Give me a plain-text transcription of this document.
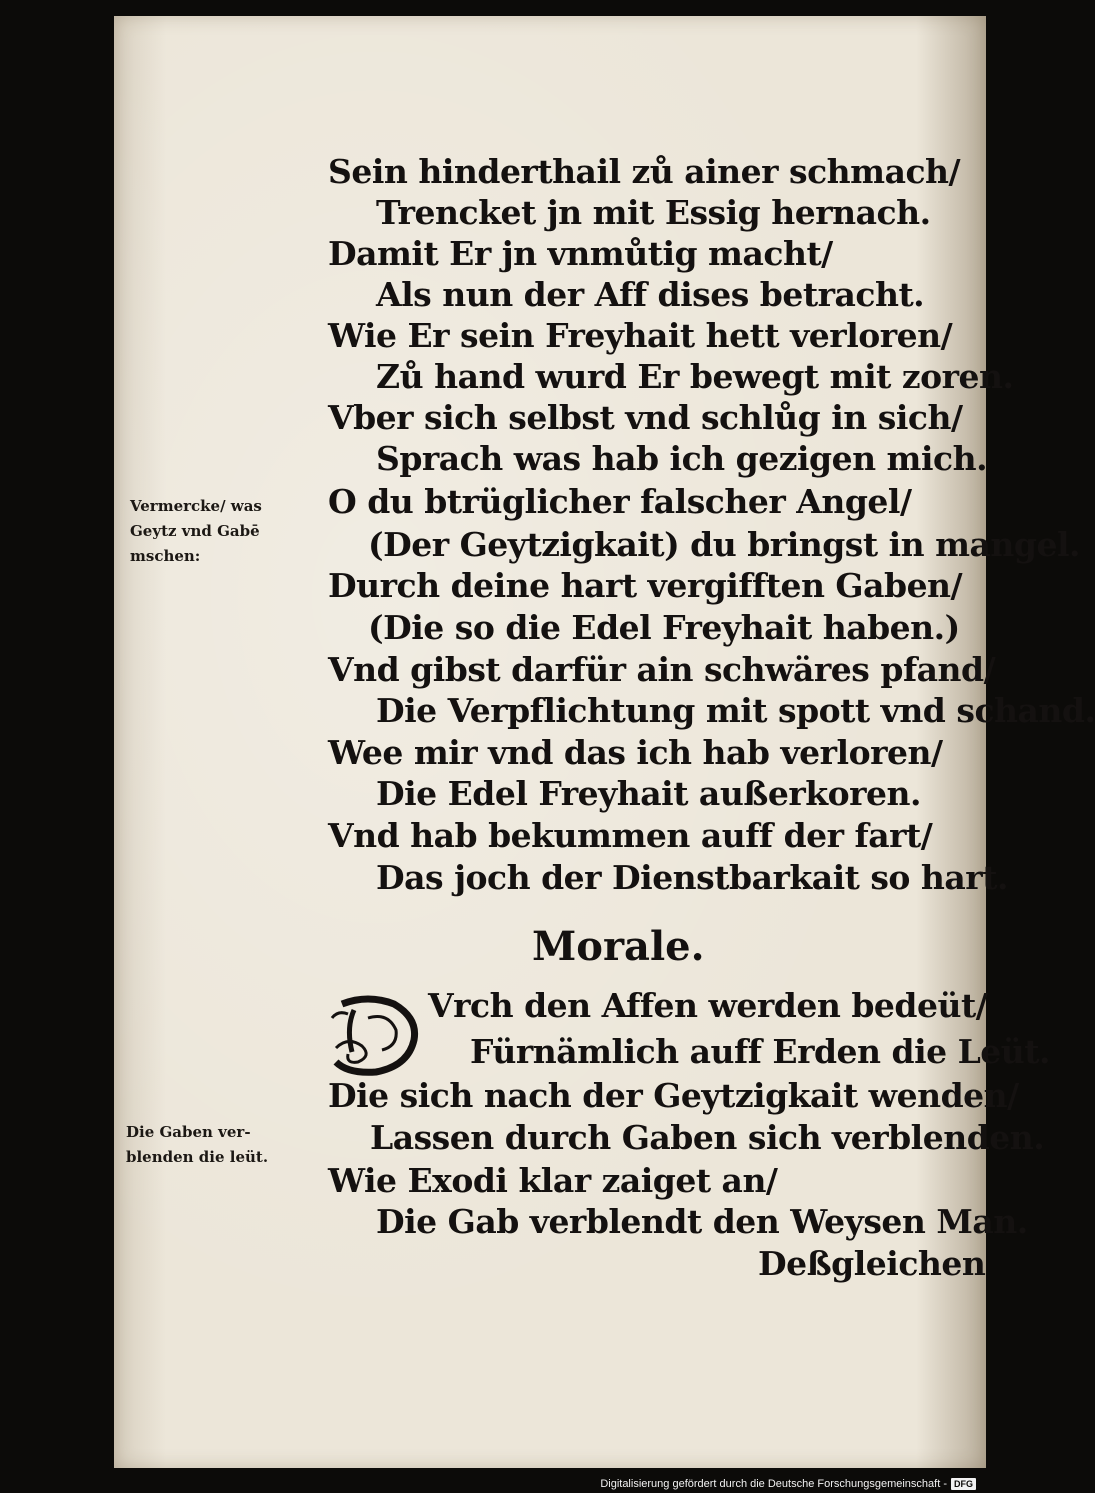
Vermercke/ was
Geytz vnd Gabē
mschen:
Die Gaben ver-
blenden die leüt.
Sein hinderthail zů ainer schmach/
Trencket jn mit Essig hernach.
Damit Er jn vnmůtig macht/
Als nun der Aff dises betracht.
Wie Er sein Freyhait hett verloren/
Zů hand wurd Er bewegt mit zoren.
Vber sich selbst vnd schlůg in sich/
Sprach was hab ich gezigen mich.
O du btrüglicher falscher Angel/
(Der Geytzigkait) du bringst in mangel.
Durch deine hart vergifften Gaben/
(Die so die Edel Freyhait haben.)
Vnd gibst darfür ain schwäres pfand/
Die Verpflichtung mit spott vnd schand.
Wee mir vnd das ich hab verloren/
Die Edel Freyhait außerkoren.
Vnd hab bekummen auff der fart/
Das joch der Dienstbarkait so hart.
Morale.
Vrch den Affen werden bedeüt/
Fürnämlich auff Erden die Leüt.
Die sich nach der Geytzigkait wenden/
Lassen durch Gaben sich verblenden.
Wie Exodi klar zaiget an/
Die Gab verblendt den Weysen Man.
Deßgleichen
Digitalisierung gefördert durch die Deutsche Forschungsgemeinschaft - DFG
